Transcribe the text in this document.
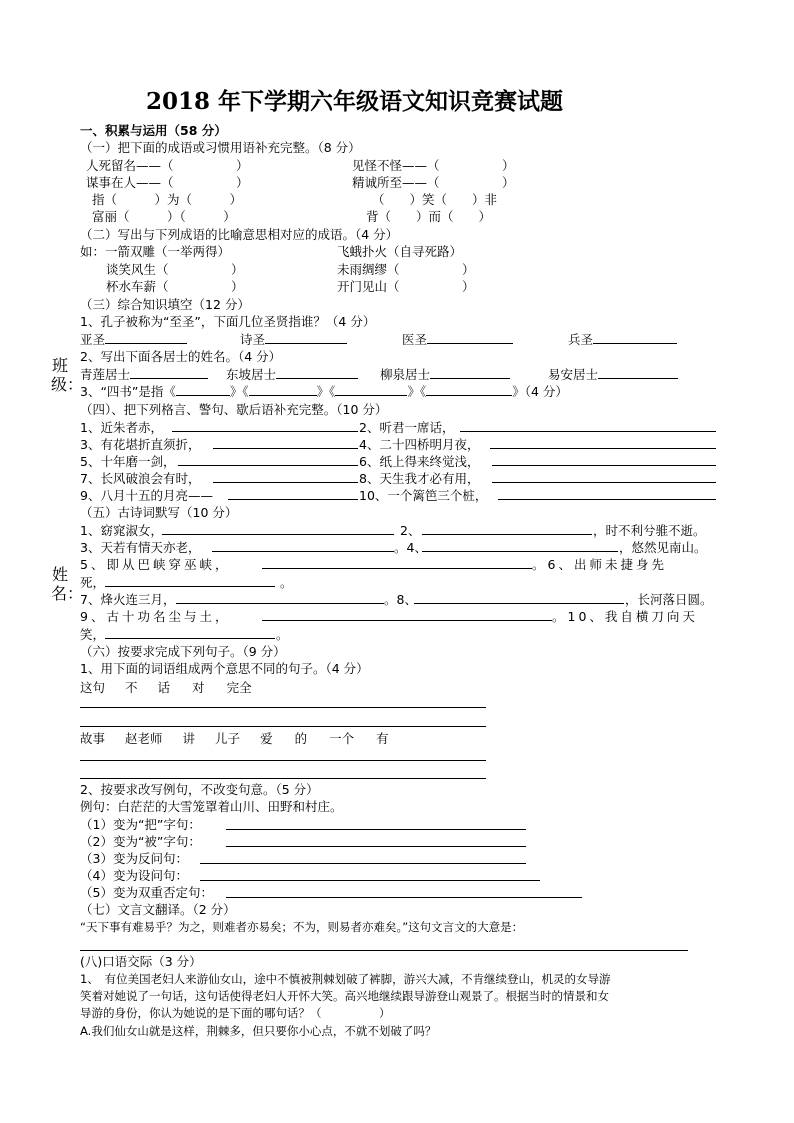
2018 年下学期六年级语文知识竞赛试题
班级：
姓名：
一、积累与运用（58 分）
（一）把下面的成语或习惯用语补充完整。（8 分）
人死留名——（　　　　　）	见怪不怪——（　　　　　）
谋事在人——（　　　　　）	精诚所至——（　　　　　）
指（　　　）为（　　　）	（　　）笑（　　）非
富丽（　　　）（　　　）	背（　　）而（　　）
（二）写出与下列成语的比喻意思相对应的成语。（4 分）
如：一箭双雕（一举两得）	飞蛾扑火（自寻死路）
谈笑风生（　　　　　）	未雨绸缪（　　　　　）
杯水车薪（　　　　　）	开门见山（　　　　　）
（三）综合知识填空（12 分）
1、孔子被称为“至圣”，下面几位圣贤指谁？（4 分）
亚圣	诗圣	医圣	兵圣
2、写出下面各居士的姓名。（4 分）
青莲居士	东坡居士	柳泉居士	易安居士
3、“四书”是指《	》《	》《	》《	》（4 分）
（四）、把下列格言、警句、歇后语补充完整。（10 分）
1、近朱者赤，	2、听君一席话，
3、有花堪折直须折，	4、二十四桥明月夜，
5、十年磨一剑，	6、纸上得来终觉浅，
7、长风破浪会有时，	8、天生我才必有用，
9、八月十五的月亮——	10、一个篱笆三个桩，
（五）古诗词默写（10 分）
1、窈窕淑女，	2、	，时不利兮骓不逝。
3、天若有情天亦老，	。4、	，悠然见南山。
5、即从巴峡穿巫峡，	。6、出师未捷身先
死，	。
7、烽火连三月，	。8、	，长河落日圆。
9、古十功名尘与土，	。10、我自横刀向天
笑，	。
（六）按要求完成下列句子。（9 分）
1、用下面的词语组成两个意思不同的句子。（4 分）
这句 不 话 对 完全
故事 赵老师 讲 儿子 爱 的 一个 有
2、按要求改写例句，不改变句意。（5 分）
例句：白茫茫的大雪笼罩着山川、田野和村庄。
（1）变为“把”字句：
（2）变为“被”字句：
（3）变为反问句：
（4）变为设问句：
（5）变为双重否定句：
（七）文言文翻译。（2 分）
“天下事有难易乎？为之，则难者亦易矣；不为，则易者亦难矣。”这句文言文的大意是：
(八)口语交际（3 分）
1、　有位美国老妇人来游仙女山，途中不慎被荆棘划破了裤脚，游兴大减，不肯继续登山，机灵的女导游
笑着对她说了一句话，这句话使得老妇人开怀大笑。高兴地继续跟导游登山观景了。根据当时的情景和女
导游的身份，你认为她说的是下面的哪句话？（　　　　　）
A.我们仙女山就是这样，荆棘多，但只要你小心点，不就不划破了吗？
